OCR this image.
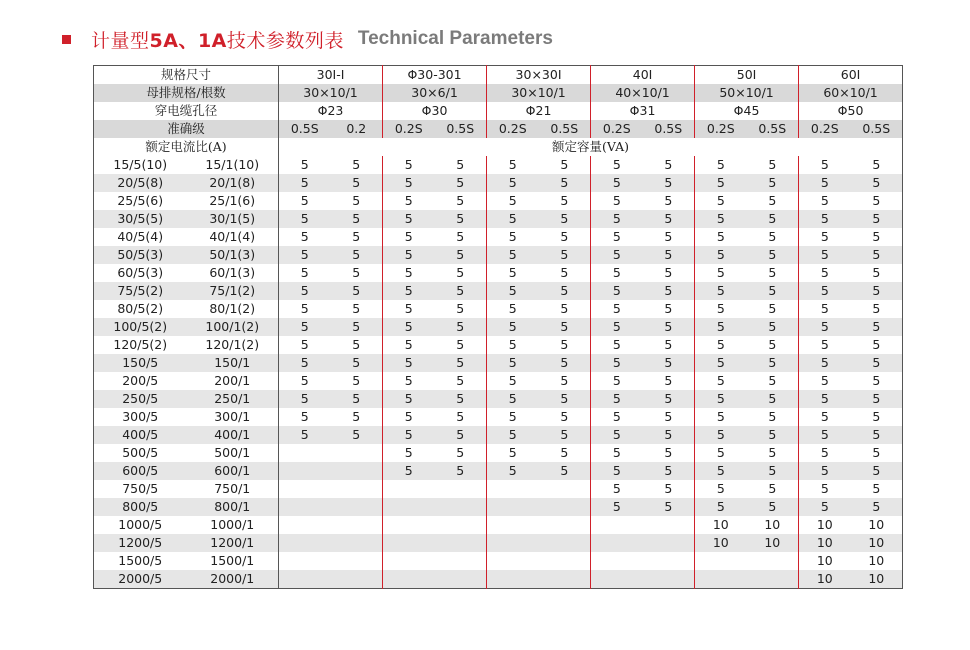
计量型5A、1A技术参数列表 Technical Parameters
规格尺寸		30I-I		Φ30-301		30×30I		40I		50I		60I	
母排规格/根数		30×10/1		30×6/1		30×10/1		40×10/1		50×10/1		60×10/1	
穿电缆孔径		Φ23		Φ30		Φ21		Φ31		Φ45		Φ50	
准确级		0.5S	0.2	0.2S	0.5S	0.2S	0.5S	0.2S	0.5S	0.2S	0.5S	0.2S	0.5S
额定电流比(A)		额定容量(VA)											
15/5(10)	15/1(10)	5	5	5	5	5	5	5	5	5	5	5	5
20/5(8)	20/1(8)	5	5	5	5	5	5	5	5	5	5	5	5
25/5(6)	25/1(6)	5	5	5	5	5	5	5	5	5	5	5	5
30/5(5)	30/1(5)	5	5	5	5	5	5	5	5	5	5	5	5
40/5(4)	40/1(4)	5	5	5	5	5	5	5	5	5	5	5	5
50/5(3)	50/1(3)	5	5	5	5	5	5	5	5	5	5	5	5
60/5(3)	60/1(3)	5	5	5	5	5	5	5	5	5	5	5	5
75/5(2)	75/1(2)	5	5	5	5	5	5	5	5	5	5	5	5
80/5(2)	80/1(2)	5	5	5	5	5	5	5	5	5	5	5	5
100/5(2)	100/1(2)	5	5	5	5	5	5	5	5	5	5	5	5
120/5(2)	120/1(2)	5	5	5	5	5	5	5	5	5	5	5	5
150/5	150/1	5	5	5	5	5	5	5	5	5	5	5	5
200/5	200/1	5	5	5	5	5	5	5	5	5	5	5	5
250/5	250/1	5	5	5	5	5	5	5	5	5	5	5	5
300/5	300/1	5	5	5	5	5	5	5	5	5	5	5	5
400/5	400/1	5	5	5	5	5	5	5	5	5	5	5	5
500/5	500/1			5	5	5	5	5	5	5	5	5	5
600/5	600/1			5	5	5	5	5	5	5	5	5	5
750/5	750/1							5	5	5	5	5	5
800/5	800/1							5	5	5	5	5	5
1000/5	1000/1									10	10	10	10
1200/5	1200/1									10	10	10	10
1500/5	1500/1											10	10
2000/5	2000/1											10	10
